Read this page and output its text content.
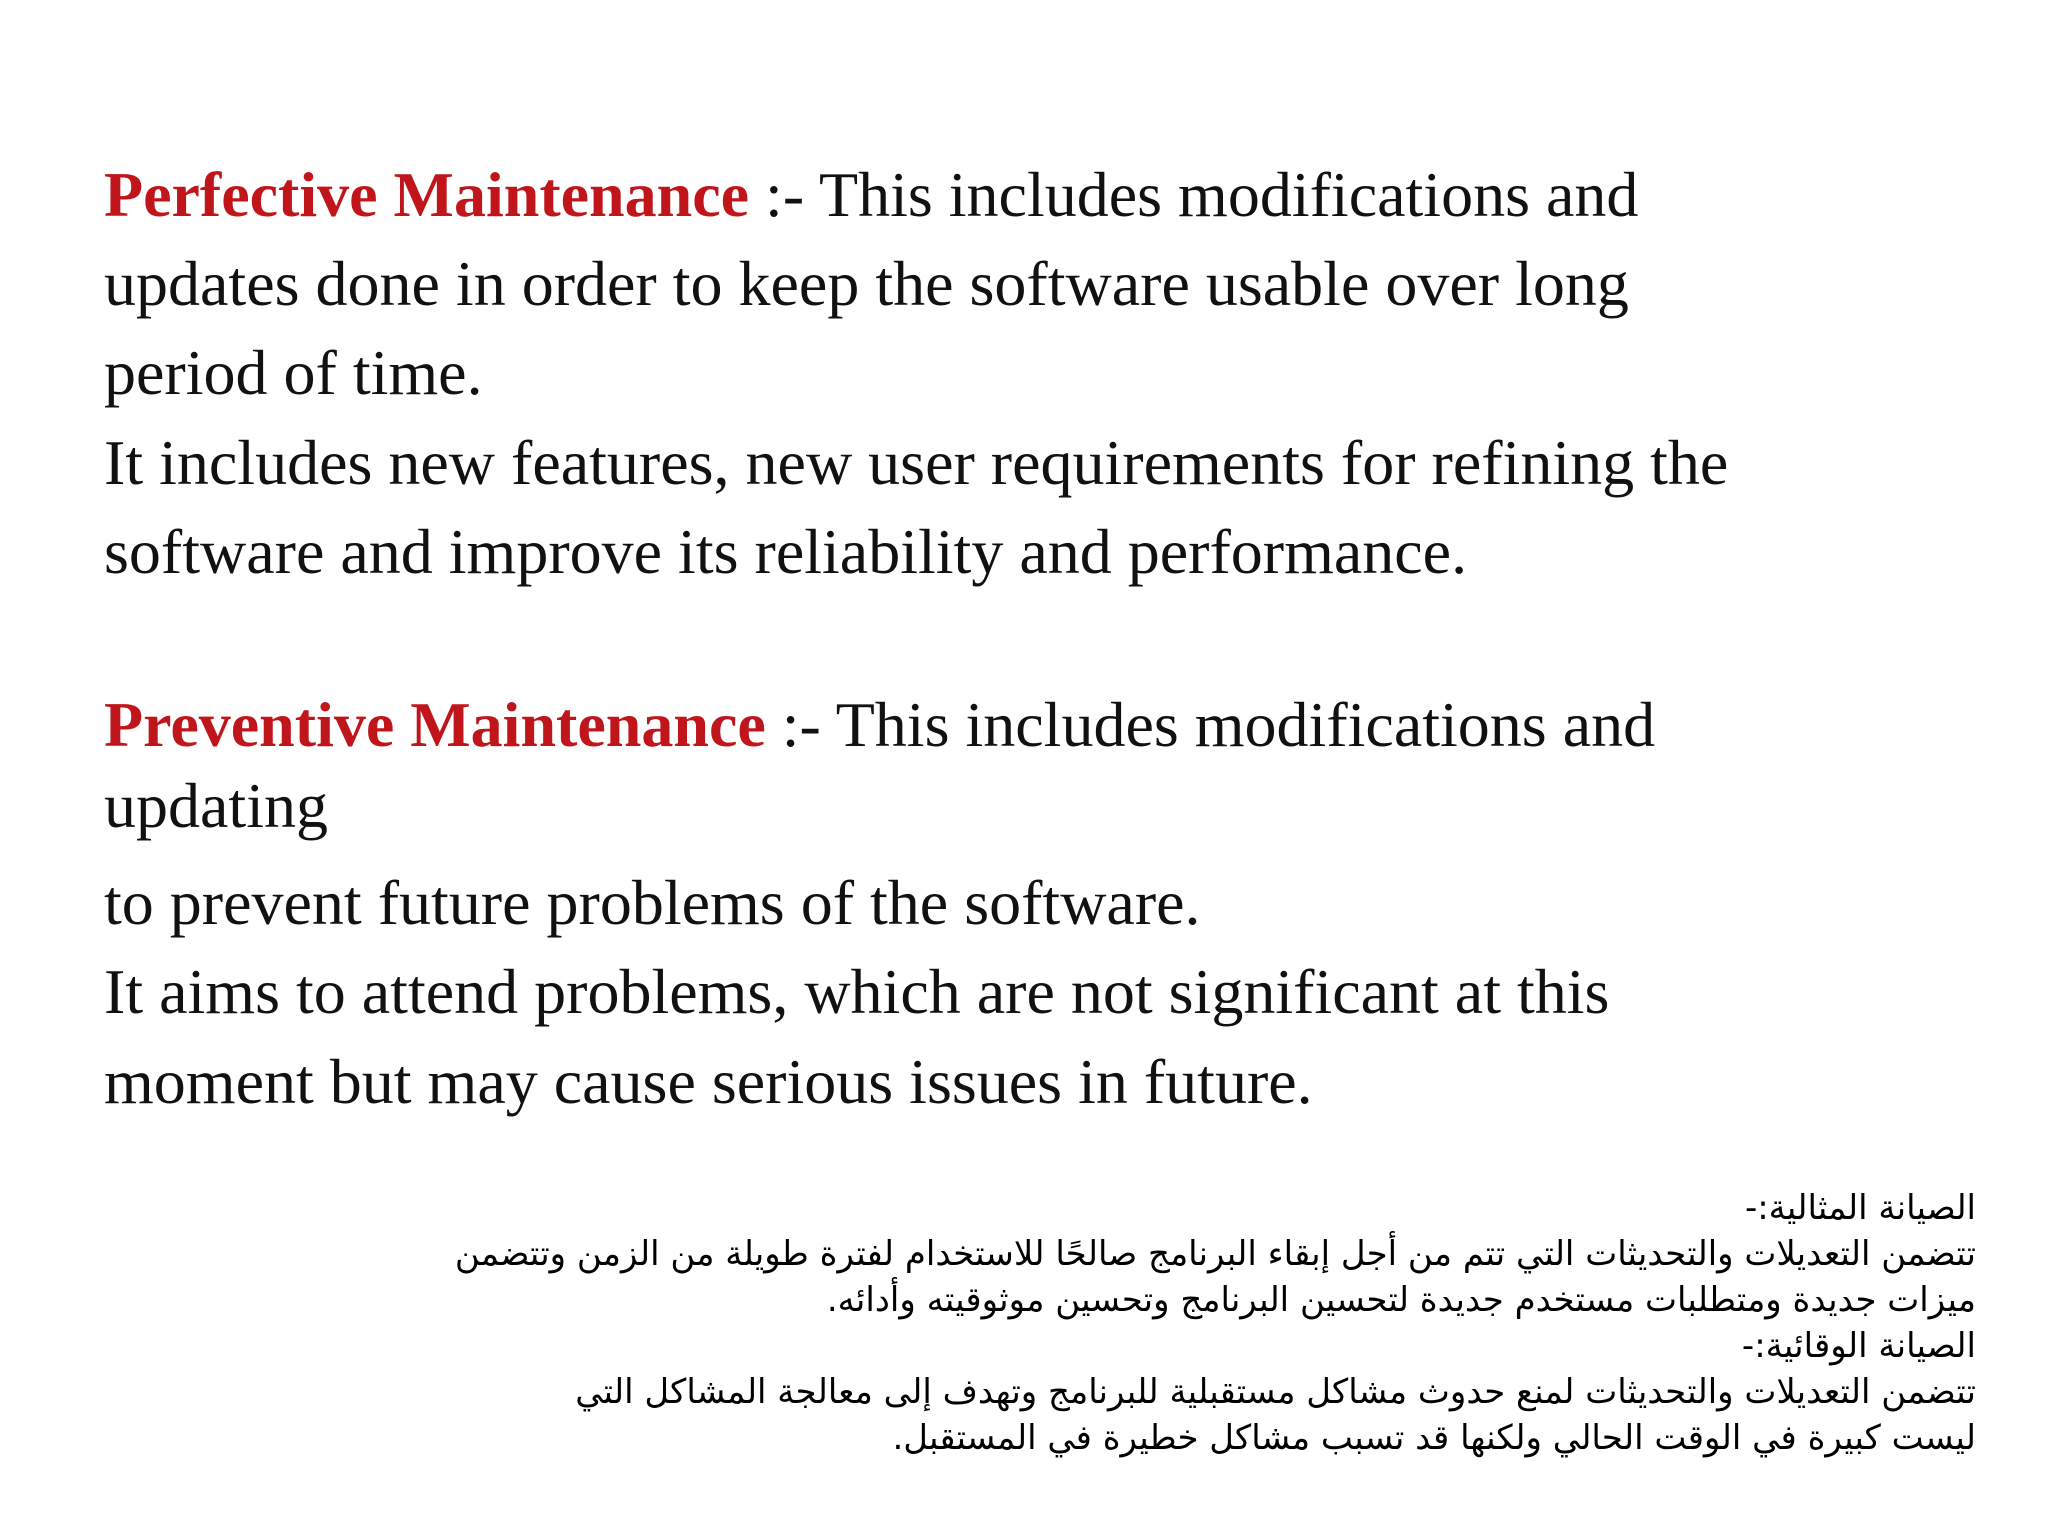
Perfective Maintenance :- This includes modifications and
updates done in order to keep the software usable over long
period of time.
It includes new features, new user requirements for refining the
software and improve its reliability and performance.
Preventive Maintenance :- This includes modifications and
updating
to prevent future problems of the software.
It aims to attend problems, which are not significant at this
moment but may cause serious issues in future.
الصيانة المثالية:-
تتضمن التعديلات والتحديثات التي تتم من أجل إبقاء البرنامج صالحًا للاستخدام لفترة طويلة من الزمن وتتضمن
ميزات جديدة ومتطلبات مستخدم جديدة لتحسين البرنامج وتحسين موثوقيته وأدائه.
الصيانة الوقائية:-
تتضمن التعديلات والتحديثات لمنع حدوث مشاكل مستقبلية للبرنامج وتهدف إلى معالجة المشاكل التي
ليست كبيرة في الوقت الحالي ولكنها قد تسبب مشاكل خطيرة في المستقبل.
